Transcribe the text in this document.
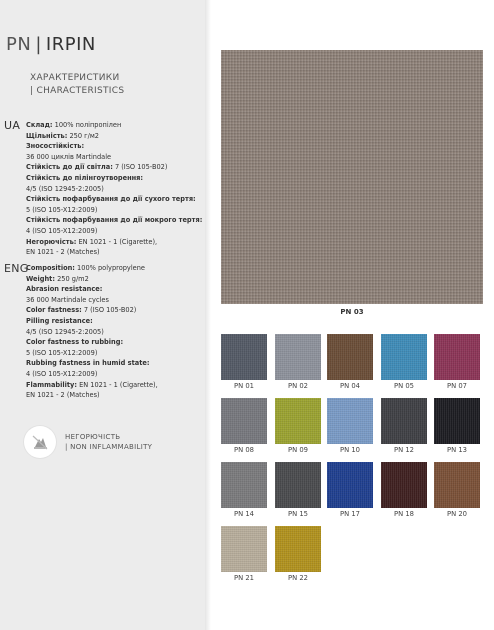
PN | IRPIN
ХАРАКТЕРИСТИКИ
| CHARACTERISTICS
UA Склад: 100% поліпропілен
Щільність: 250 г/м2
Зносостійкість:
36 000 циклів Martindale
Стійкість до дії світла: 7 (ISO 105-B02)
Стійкість до пілінгоутворення:
4/5 (ISO 12945-2:2005)
Стійкість пофарбування до дії сухого тертя:
5 (ISO 105-X12:2009)
Стійкість пофарбування до дії мокрого тертя:
4 (ISO 105-X12:2009)
Негорючість: EN 1021 - 1 (Cigarette),
EN 1021 - 2 (Matches)
ENG
Composition: 100% polypropylene
Weight: 250 g/m2
Abrasion resistance:
36 000 Martindale cycles
Color fastness: 7 (ISO 105-B02)
Pilling resistance:
4/5 (ISO 12945-2:2005)
Color fastness to rubbing:
5 (ISO 105-X12:2009)
Rubbing fastness in humid state:
4 (ISO 105-X12:2009)
Flammability: EN 1021 - 1 (Cigarette),
EN 1021 - 2 (Matches)
НЕГОРЮЧІСТЬ
| NON INFLAMMABILITY
PN 03
PN 01	PN 02	PN 04	PN 05	PN 07
PN 08	PN 09	PN 10	PN 12	PN 13
PN 14	PN 15	PN 17	PN 18	PN 20
PN 21	PN 22
